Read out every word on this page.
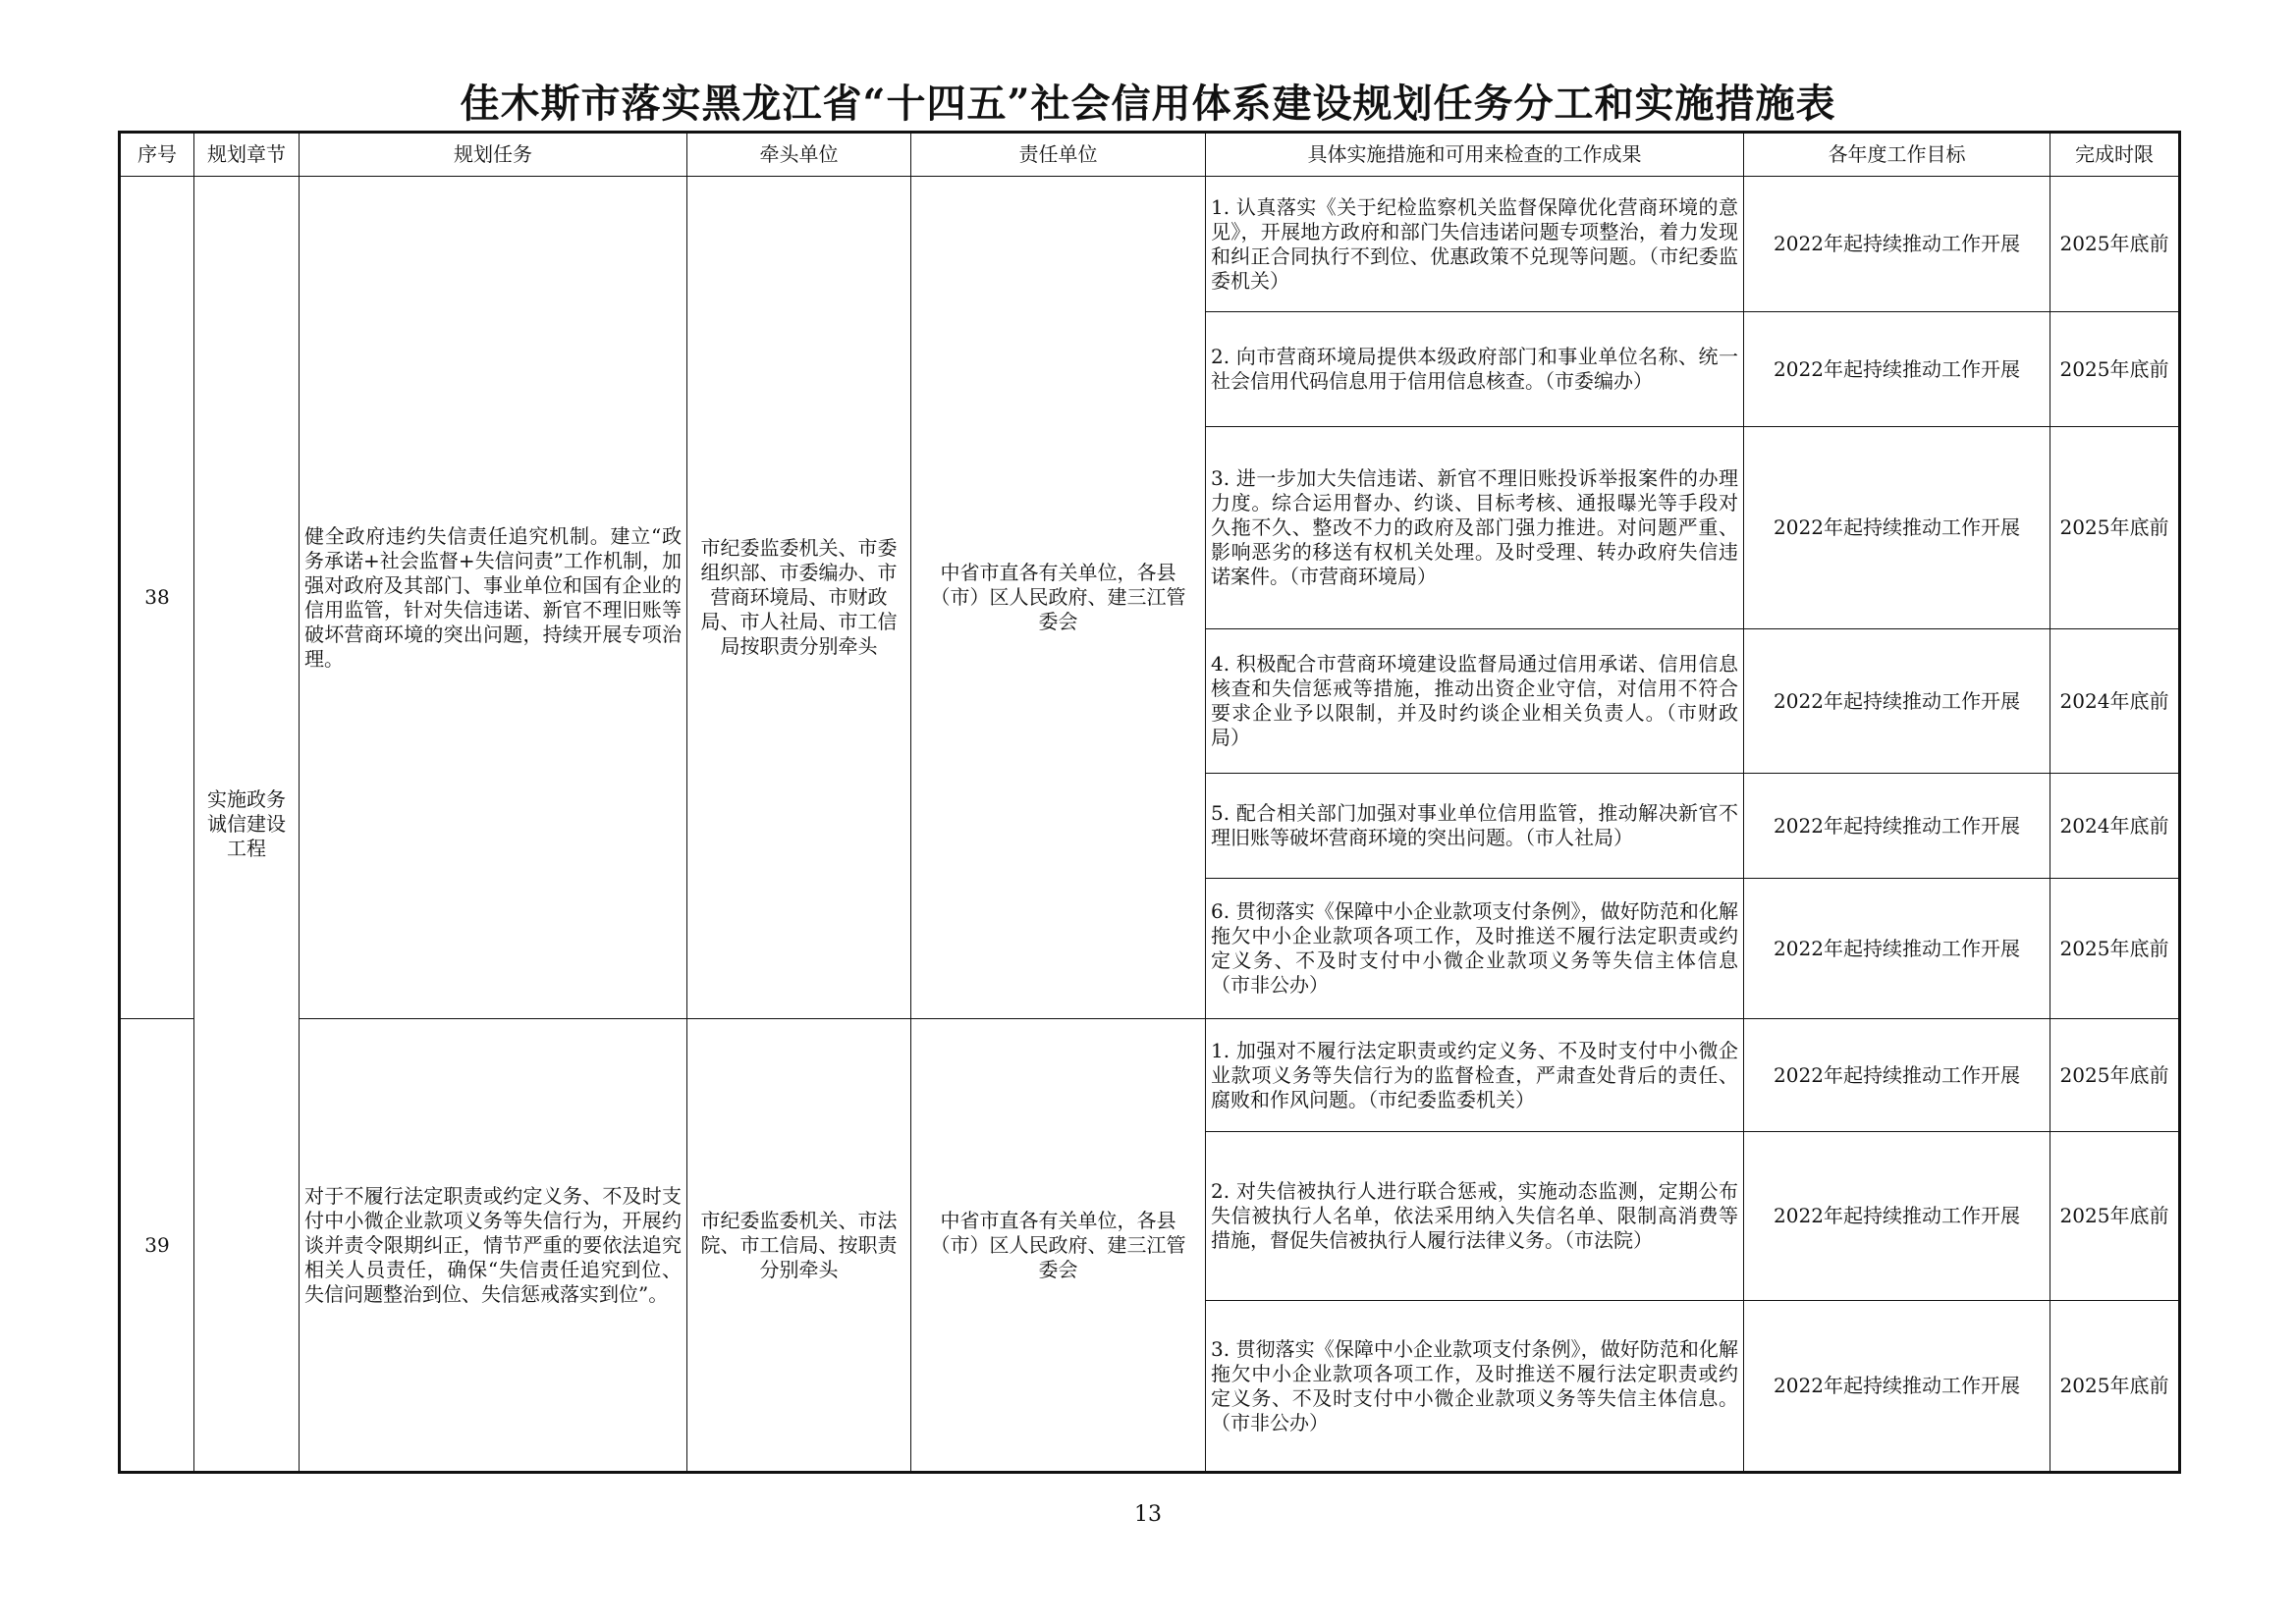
佳木斯市落实黑龙江省“十四五”社会信用体系建设规划任务分工和实施措施表
序号	规划章节	规划任务	牵头单位	责任单位	具体实施措施和可用来检查的工作成果	各年度工作目标	完成时限
38	实施政务诚信建设工程	健全政府违约失信责任追究机制。建立“政务承诺+社会监督+失信问责”工作机制，加强对政府及其部门、事业单位和国有企业的信用监管，针对失信违诺、新官不理旧账等破坏营商环境的突出问题，持续开展专项治理。	市纪委监委机关、市委组织部、市委编办、市营商环境局、市财政局、市人社局、市工信局按职责分别牵头	中省市直各有关单位，各县（市）区人民政府、建三江管委会	1. 认真落实《关于纪检监察机关监督保障优化营商环境的意见》，开展地方政府和部门失信违诺问题专项整治，着力发现和纠正合同执行不到位、优惠政策不兑现等问题。（市纪委监委机关）	2022年起持续推动工作开展	2025年底前
					2. 向市营商环境局提供本级政府部门和事业单位名称、统一社会信用代码信息用于信用信息核查。（市委编办）	2022年起持续推动工作开展	2025年底前
					3. 进一步加大失信违诺、新官不理旧账投诉举报案件的办理力度。综合运用督办、约谈、目标考核、通报曝光等手段对久拖不久、整改不力的政府及部门强力推进。对问题严重、影响恶劣的移送有权机关处理。及时受理、转办政府失信违诺案件。（市营商环境局）	2022年起持续推动工作开展	2025年底前
					4. 积极配合市营商环境建设监督局通过信用承诺、信用信息核查和失信惩戒等措施，推动出资企业守信，对信用不符合要求企业予以限制，并及时约谈企业相关负责人。（市财政局）	2022年起持续推动工作开展	2024年底前
					5. 配合相关部门加强对事业单位信用监管，推动解决新官不理旧账等破坏营商环境的突出问题。（市人社局）	2022年起持续推动工作开展	2024年底前
					6. 贯彻落实《保障中小企业款项支付条例》，做好防范和化解拖欠中小企业款项各项工作，及时推送不履行法定职责或约定义务、不及时支付中小微企业款项义务等失信主体信息（市非公办）	2022年起持续推动工作开展	2025年底前
39		对于不履行法定职责或约定义务、不及时支付中小微企业款项义务等失信行为，开展约谈并责令限期纠正，情节严重的要依法追究相关人员责任，确保“失信责任追究到位、失信问题整治到位、失信惩戒落实到位”。	市纪委监委机关、市法院、市工信局、按职责分别牵头	中省市直各有关单位，各县（市）区人民政府、建三江管委会	1. 加强对不履行法定职责或约定义务、不及时支付中小微企业款项义务等失信行为的监督检查，严肃查处背后的责任、腐败和作风问题。（市纪委监委机关）	2022年起持续推动工作开展	2025年底前
					2. 对失信被执行人进行联合惩戒，实施动态监测，定期公布失信被执行人名单，依法采用纳入失信名单、限制高消费等措施，督促失信被执行人履行法律义务。（市法院）	2022年起持续推动工作开展	2025年底前
					3. 贯彻落实《保障中小企业款项支付条例》，做好防范和化解拖欠中小企业款项各项工作，及时推送不履行法定职责或约定义务、不及时支付中小微企业款项义务等失信主体信息。（市非公办）	2022年起持续推动工作开展	2025年底前
13
